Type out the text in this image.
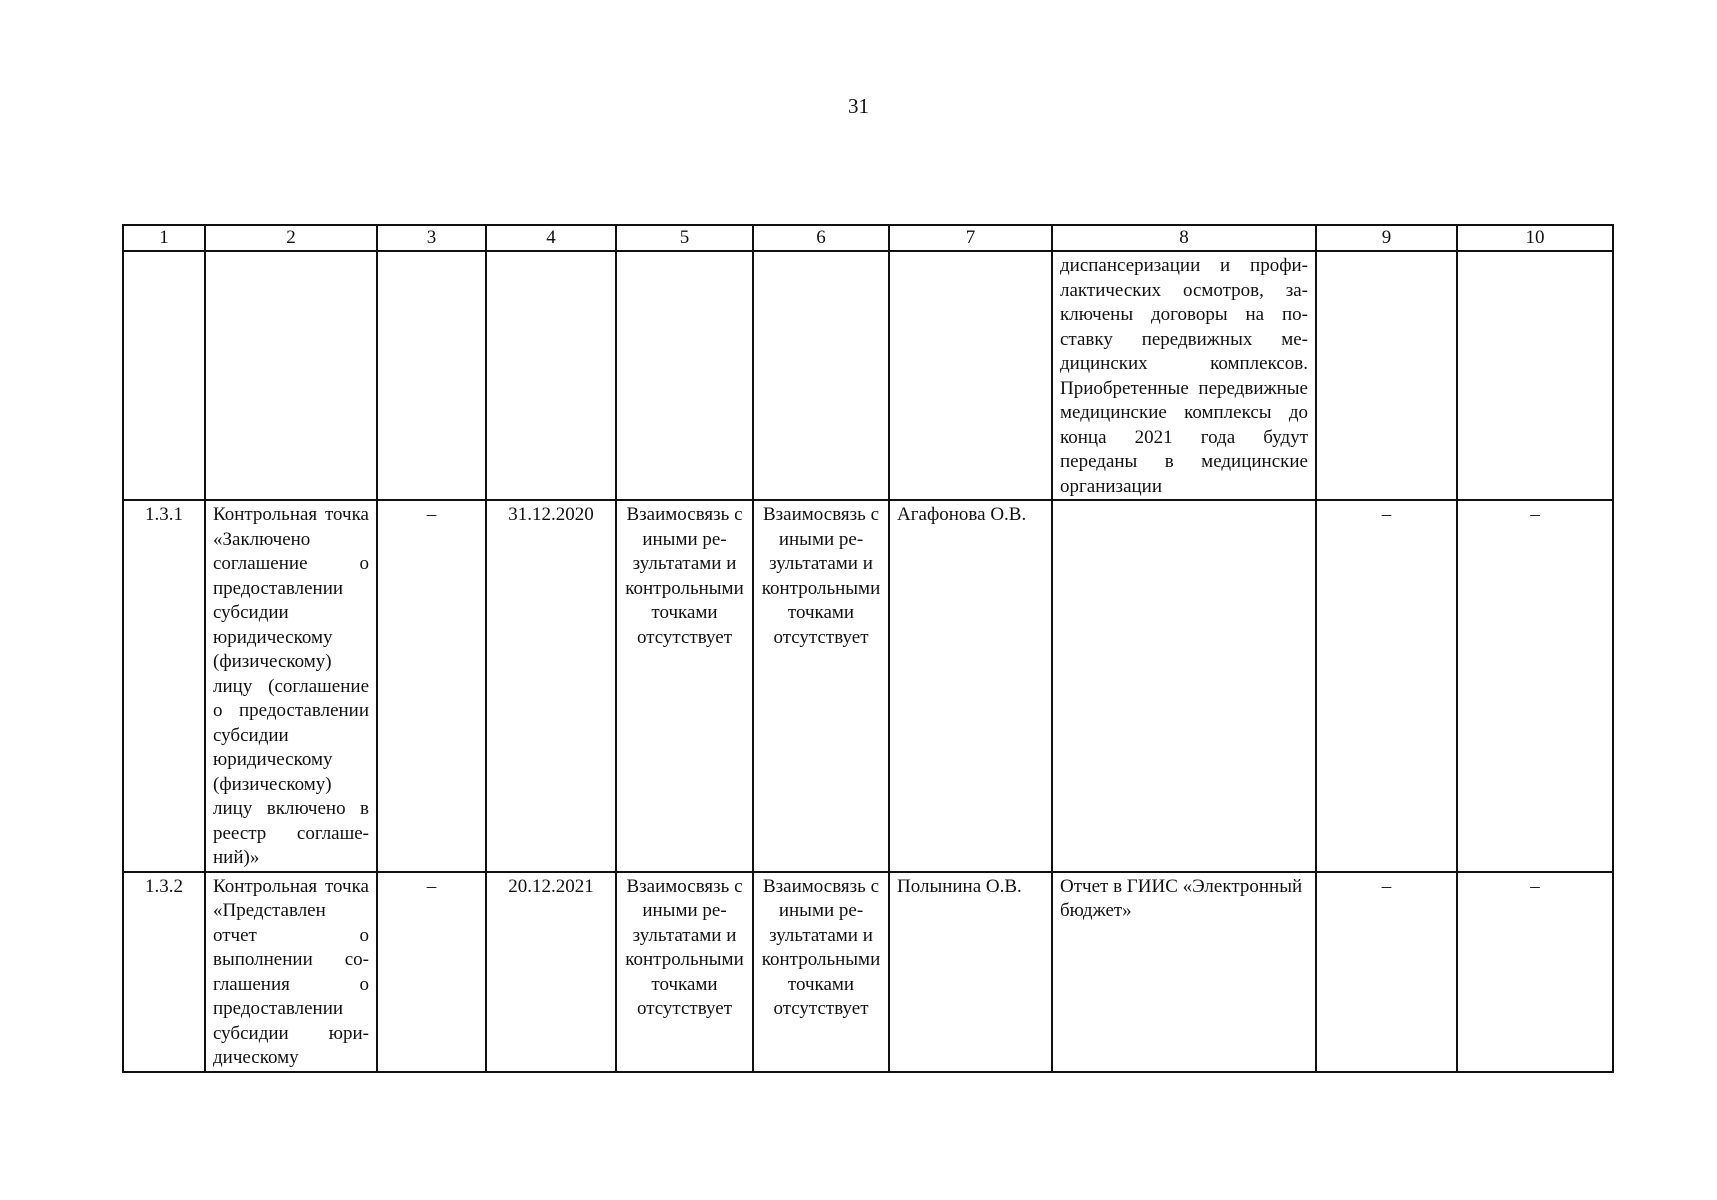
31
1	2	3	4	5	6	7	8	9	10
							диспансеризации и профилактических осмотров, заключены договоры на поставку передвижных медицинских комплексов. Приобретенные передвижные медицинские комплексы до конца 2021 года будут переданы в медицинские организации		
1.3.1	Контрольная точка «Заключено соглашение о предоставлении субсидии юридическому (физическому) лицу (соглашение о предоставлении субсидии юридическому (физическому) лицу включено в реестр соглашений)»	–	31.12.2020	Взаимосвязь с иными результатами и контрольными точками отсутствует	Взаимосвязь с иными результатами и контрольными точками отсутствует	Агафонова О.В.		–	–
1.3.2	Контрольная точка «Представлен отчет о выполнении соглашения о предоставлении субсидии юридическому	–	20.12.2021	Взаимосвязь с иными результатами и контрольными точками отсутствует	Взаимосвязь с иными результатами и контрольными точками отсутствует	Полынина О.В.	Отчет в ГИИС «Электронный бюджет»	–	–
